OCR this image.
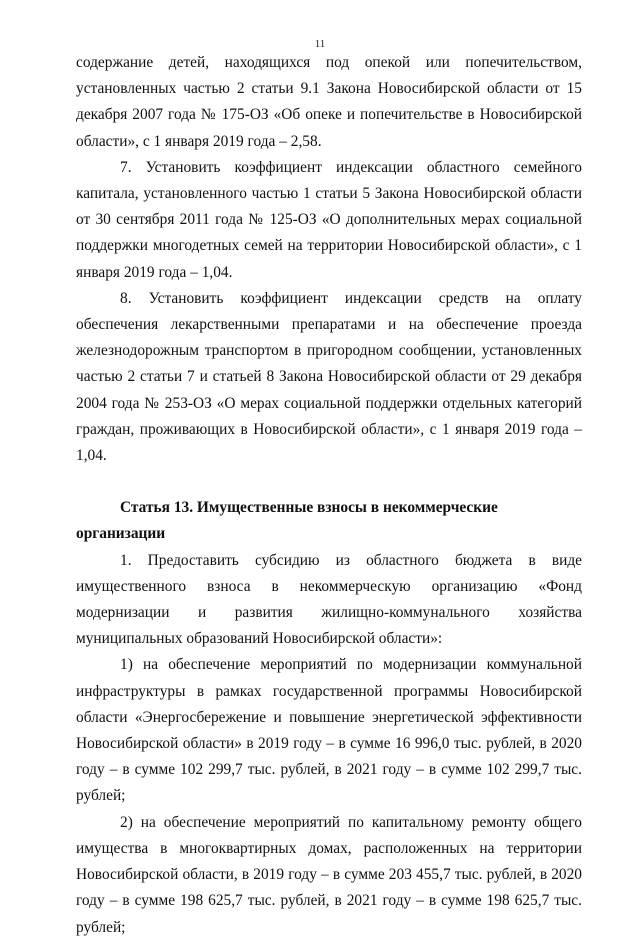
11

содержание детей, находящихся под опекой или попечительством, установленных частью 2 статьи 9.1 Закона Новосибирской области от 15 декабря 2007 года № 175-ОЗ «Об опеке и попечительстве в Новосибирской области», с 1 января 2019 года – 2,58.

7. Установить коэффициент индексации областного семейного капитала, установленного частью 1 статьи 5 Закона Новосибирской области от 30 сентября 2011 года № 125-ОЗ «О дополнительных мерах социальной поддержки многодетных семей на территории Новосибирской области», с 1 января 2019 года – 1,04.

8. Установить коэффициент индексации средств на оплату обеспечения лекарственными препаратами и на обеспечение проезда железнодорожным транспортом в пригородном сообщении, установленных частью 2 статьи 7 и статьей 8 Закона Новосибирской области от 29 декабря 2004 года № 253-ОЗ «О мерах социальной поддержки отдельных категорий граждан, проживающих в Новосибирской области», с 1 января 2019 года – 1,04.

Статья 13. Имущественные взносы в некоммерческие организации

1. Предоставить субсидию из областного бюджета в виде имущественного взноса в некоммерческую организацию «Фонд модернизации и развития жилищно-коммунального хозяйства муниципальных образований Новосибирской области»:

1) на обеспечение мероприятий по модернизации коммунальной инфраструктуры в рамках государственной программы Новосибирской области «Энергосбережение и повышение энергетической эффективности Новосибирской области» в 2019 году – в сумме 16 996,0 тыс. рублей, в 2020 году – в сумме 102 299,7 тыс. рублей, в 2021 году – в сумме 102 299,7 тыс. рублей;

2) на обеспечение мероприятий по капитальному ремонту общего имущества в многоквартирных домах, расположенных на территории Новосибирской области, в 2019 году – в сумме 203 455,7 тыс. рублей, в 2020 году – в сумме 198 625,7 тыс. рублей, в 2021 году – в сумме 198 625,7 тыс. рублей;
